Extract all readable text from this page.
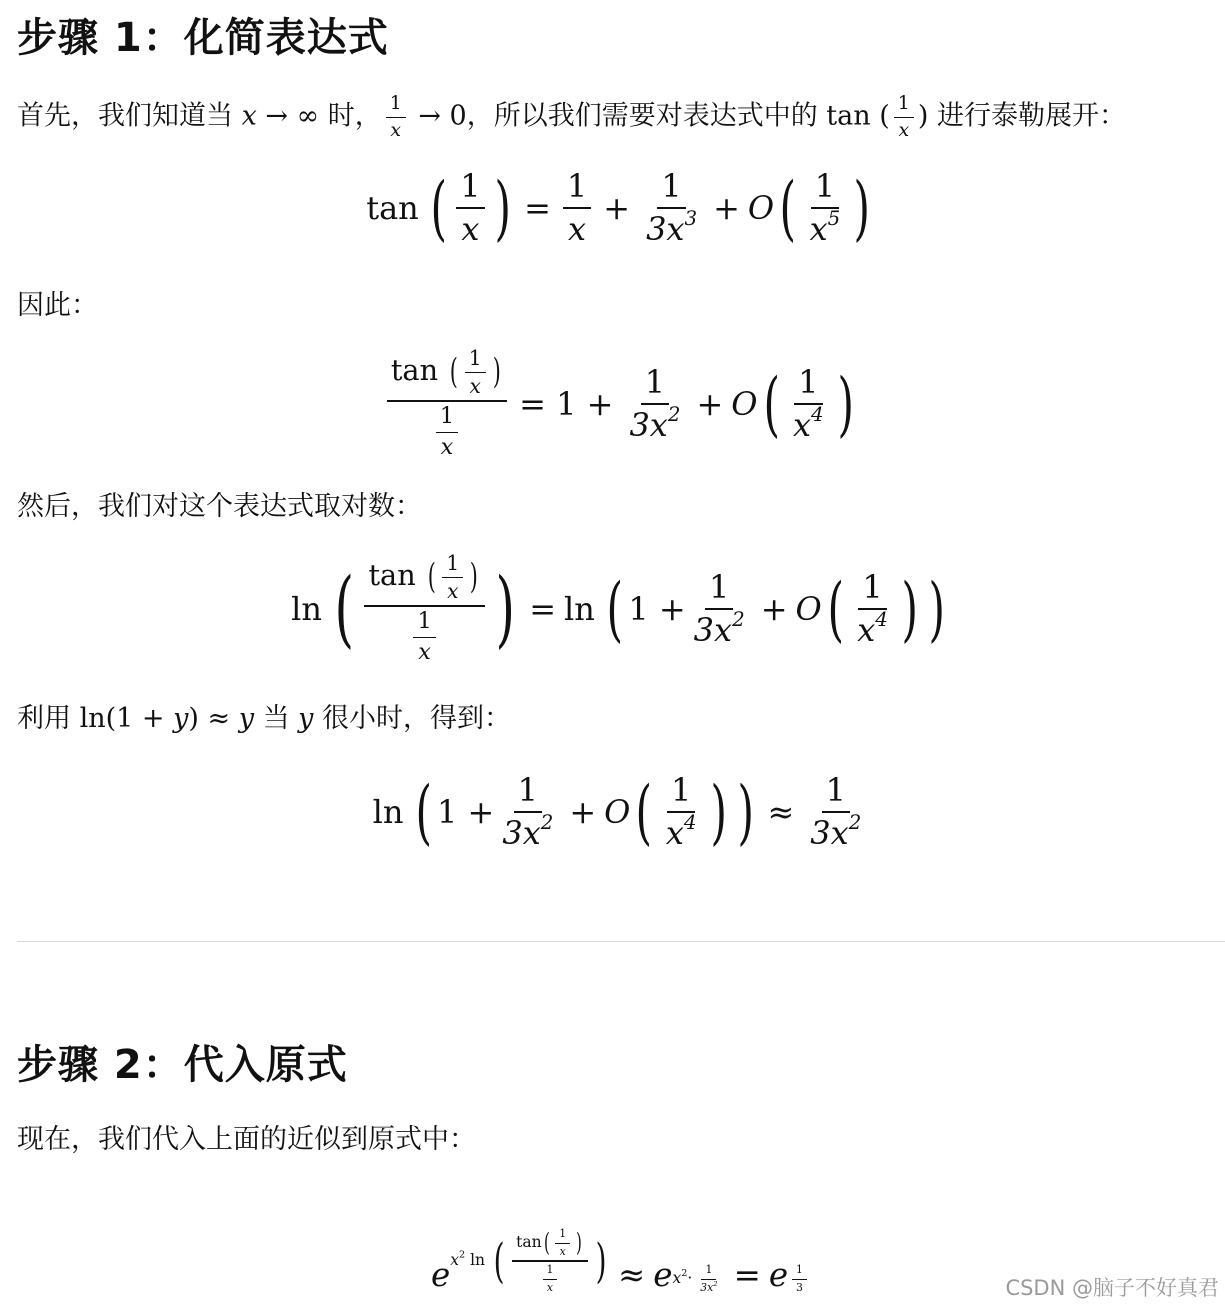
步骤 1：化简表达式

首先，我们知道当 x → ∞ 时， $\frac{1}{x} \to 0$，所以我们需要对表达式中的 tan ( $\frac{1}{x}$ ) 进行泰勒展开：

tan ( $\frac{1}{x}$ ) = $\frac{1}{x} + \frac{1}{3x^3} + O$ ( $\frac{1}{x^5}$ )

因此：

$\frac{\tan ( \frac{1}{x} )}{\frac{1}{x}} = 1 + \frac{1}{3x^2} + O$ ( $\frac{1}{x^4}$ )

然后，我们对这个表达式取对数：

ln ( $\frac{\tan ( \frac{1}{x} )}{\frac{1}{x}}$ ) = ln ( $1 + \frac{1}{3x^2} + O$ ( $\frac{1}{x^4}$ ) )

利用 ln(1 + y) ≈ y 当 y 很小时，得到：

ln ( $1 + \frac{1}{3x^2} + O$ ( $\frac{1}{x^4}$ ) ) ≈ $\frac{1}{3x^2}$
步骤 2：代入原式

现在，我们代入上面的近似到原式中：

e $x^2$ ln ( $\frac{\tan( \frac{1}{x} )}{\frac{1}{x}}$ ) ≈ e $x^2\cdot \frac{1}{3x^2} = e \frac{1}{3}$	CSDN @脑子不好真君
